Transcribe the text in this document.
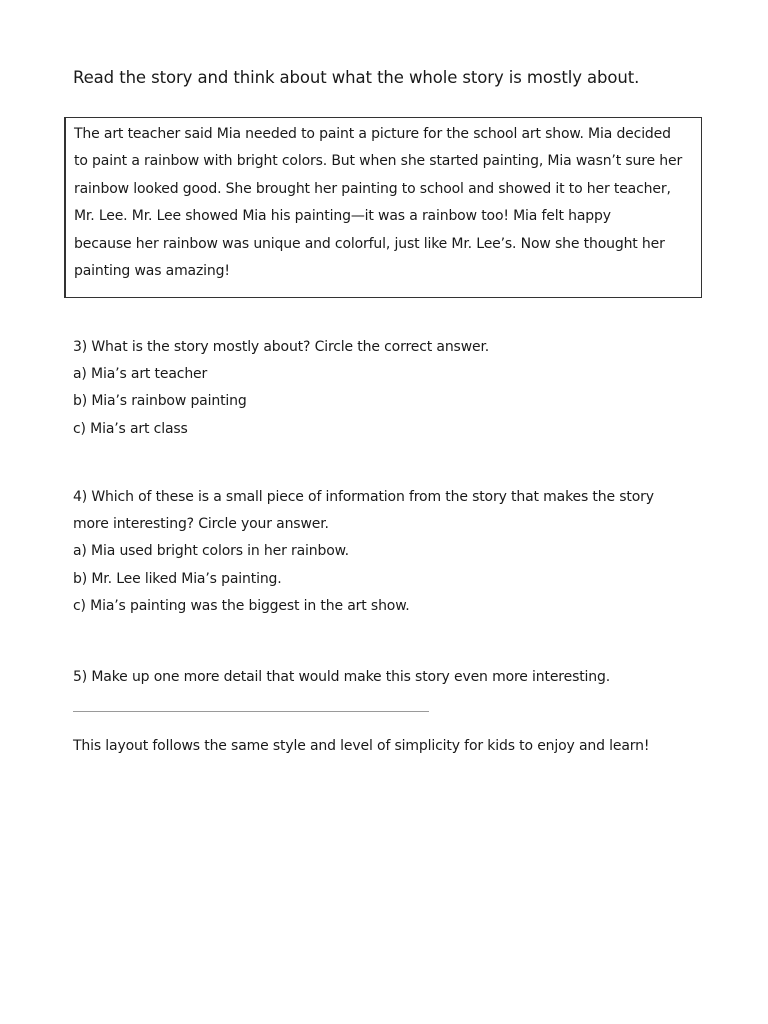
Read the story and think about what the whole story is mostly about.

The art teacher said Mia needed to paint a picture for the school art show. Mia decided
to paint a rainbow with bright colors. But when she started painting, Mia wasn’t sure her
rainbow looked good. She brought her painting to school and showed it to her teacher,
Mr. Lee. Mr. Lee showed Mia his painting—it was a rainbow too! Mia felt happy
because her rainbow was unique and colorful, just like Mr. Lee’s. Now she thought her
painting was amazing!

3) What is the story mostly about? Circle the correct answer.
a) Mia’s art teacher
b) Mia’s rainbow painting
c) Mia’s art class
4) Which of these is a small piece of information from the story that makes the story
more interesting? Circle your answer.
a) Mia used bright colors in her rainbow.
b) Mr. Lee liked Mia’s painting.
c) Mia’s painting was the biggest in the art show.
5) Make up one more detail that would make this story even more interesting.
This layout follows the same style and level of simplicity for kids to enjoy and learn!
